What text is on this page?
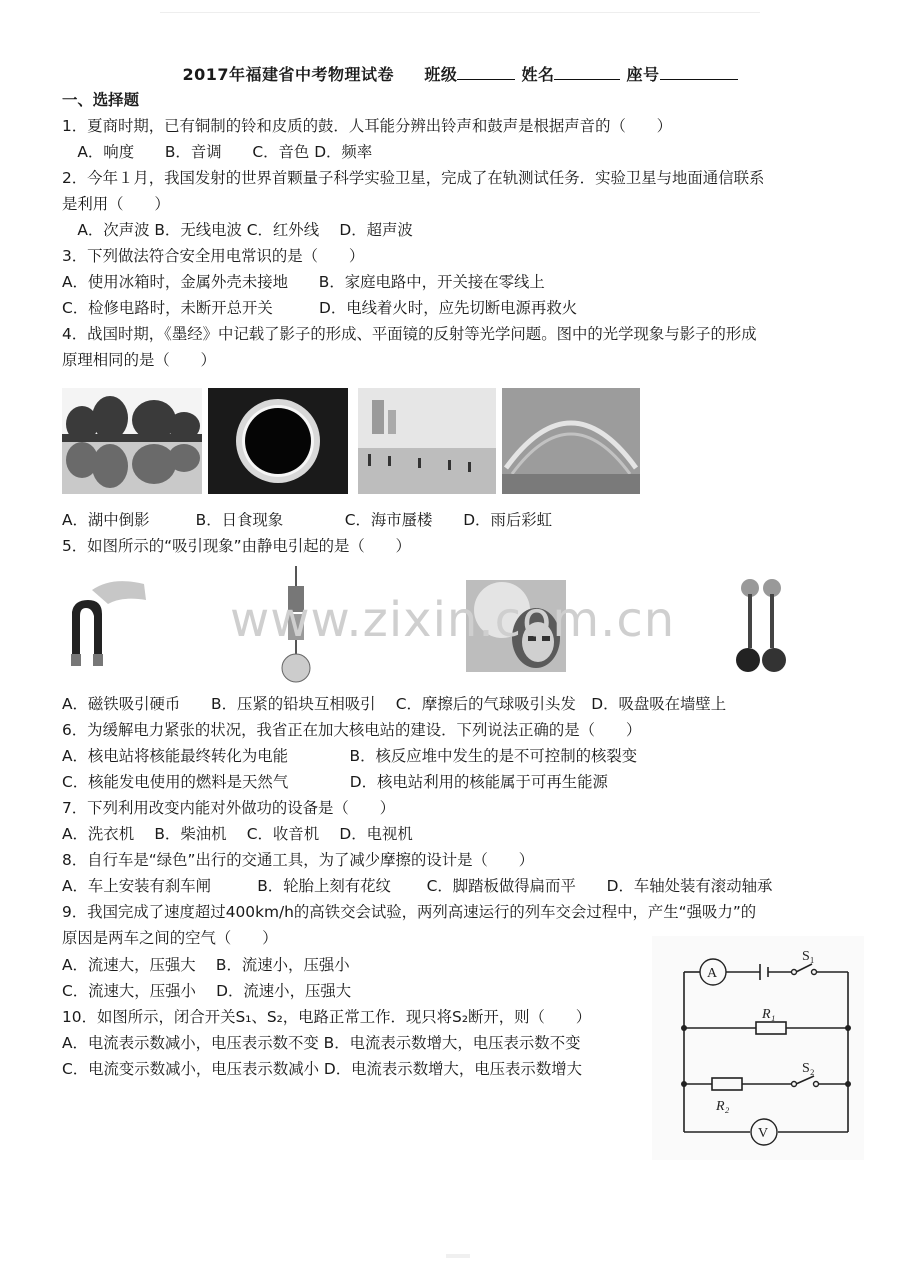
2017年福建省中考物理试卷 班级	姓名	座号
一、选择题
1．夏商时期，已有铜制的铃和皮质的鼓．人耳能分辨出铃声和鼓声是根据声音的（　　）
　A．响度　　B．音调　　C．音色 D．频率
2．今年１月，我国发射的世界首颗量子科学实验卫星，完成了在轨测试任务．实验卫星与地面通信联系
是利用（　　）
　A．次声波 B．无线电波 C．红外线　 D．超声波
3．下列做法符合安全用电常识的是（　　）
A．使用冰箱时，金属外壳未接地　　B．家庭电路中，开关接在零线上
C．检修电路时，未断开总开关　　　D．电线着火时，应先切断电源再救火
4．战国时期，《墨经》中记载了影子的形成、平面镜的反射等光学问题。图中的光学现象与影子的形成
原理相同的是（　　）
A．湖中倒影　　　B．日食现象　　　　C．海市蜃楼　　D．雨后彩虹
5．如图所示的“吸引现象”由静电引起的是（　　）
www.zixin.com.cn
A．磁铁吸引硬币　　B．压紧的铅块互相吸引　 C．摩擦后的气球吸引头发　D．吸盘吸在墙壁上
6．为缓解电力紧张的状况，我省正在加大核电站的建设．下列说法正确的是（　　）
A．核电站将核能最终转化为电能　　　　B．核反应堆中发生的是不可控制的核裂变
C．核能发电使用的燃料是天然气　　　　D．核电站利用的核能属于可再生能源
7．下列利用改变内能对外做功的设备是（　　）
A．洗衣机　 B．柴油机　 C．收音机　 D．电视机
8．自行车是“绿色”出行的交通工具，为了减少摩擦的设计是（　　）
A．车上安装有刹车闸　　　B．轮胎上刻有花纹　　 C．脚踏板做得扁而平　　D．车轴处装有滚动轴承
9．我国完成了速度超过400km/h的高铁交会试验，两列高速运行的列车交会过程中，产生“强吸力”的
原因是两车之间的空气（　　）
A．流速大，压强大　 B．流速小，压强小
C．流速大，压强小　 D．流速小，压强大
10．如图所示，闭合开关S₁、S₂，电路正常工作．现只将S₂断开，则（　　）
A．电流表示数减小，电压表示数不变 B．电流表示数增大，电压表示数不变
C．电流变示数减小，电压表示数减小 D．电流表示数增大，电压表示数增大
A
V
S₁
R₁
S₂
R₂
